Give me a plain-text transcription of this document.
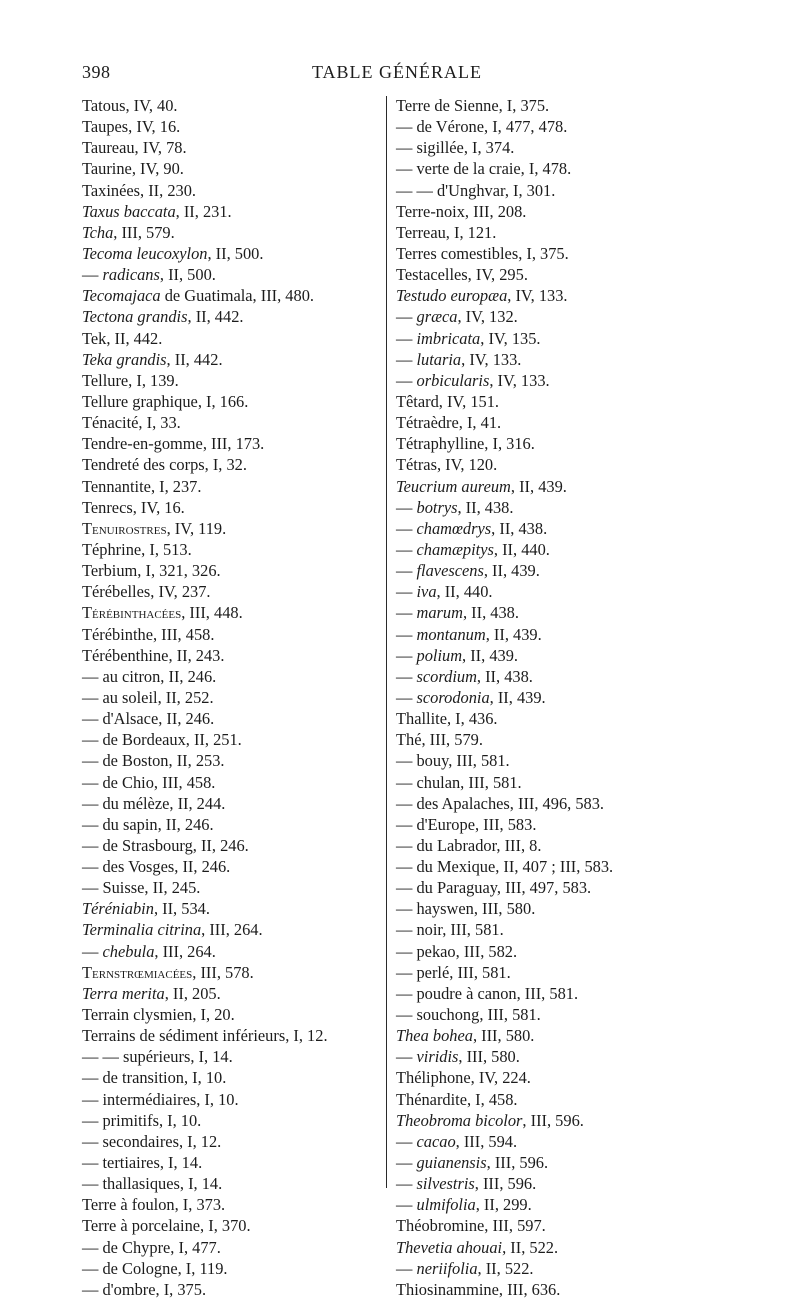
398	TABLE GÉNÉRALE
Tatous, IV, 40.
Taupes, IV, 16.
Taureau, IV, 78.
Taurine, IV, 90.
Taxinées, II, 230.
Taxus baccata, II, 231.
Tcha, III, 579.
Tecoma leucoxylon, II, 500.
— radicans, II, 500.
Tecomajaca de Guatimala, III, 480.
Tectona grandis, II, 442.
Tek, II, 442.
Teka grandis, II, 442.
Tellure, I, 139.
Tellure graphique, I, 166.
Ténacité, I, 33.
Tendre-en-gomme, III, 173.
Tendreté des corps, I, 32.
Tennantite, I, 237.
Tenrecs, IV, 16.
Tenuirostres, IV, 119.
Téphrine, I, 513.
Terbium, I, 321, 326.
Térébelles, IV, 237.
Térébinthacées, III, 448.
Térébinthe, III, 458.
Térébenthine, II, 243.
— au citron, II, 246.
— au soleil, II, 252.
— d'Alsace, II, 246.
— de Bordeaux, II, 251.
— de Boston, II, 253.
— de Chio, III, 458.
— du mélèze, II, 244.
— du sapin, II, 246.
— de Strasbourg, II, 246.
— des Vosges, II, 246.
— Suisse, II, 245.
Téréniabin, II, 534.
Terminalia citrina, III, 264.
— chebula, III, 264.
Ternstrœmiacées, III, 578.
Terra merita, II, 205.
Terrain clysmien, I, 20.
Terrains de sédiment inférieurs, I, 12.
— — supérieurs, I, 14.
— de transition, I, 10.
— intermédiaires, I, 10.
— primitifs, I, 10.
— secondaires, I, 12.
— tertiaires, I, 14.
— thallasiques, I, 14.
Terre à foulon, I, 373.
Terre à porcelaine, I, 370.
— de Chypre, I, 477.
— de Cologne, I, 119.
— d'ombre, I, 375.
Terre de Sienne, I, 375.
— de Vérone, I, 477, 478.
— sigillée, I, 374.
— verte de la craie, I, 478.
— — d'Unghvar, I, 301.
Terre-noix, III, 208.
Terreau, I, 121.
Terres comestibles, I, 375.
Testacelles, IV, 295.
Testudo europæa, IV, 133.
— græca, IV, 132.
— imbricata, IV, 135.
— lutaria, IV, 133.
— orbicularis, IV, 133.
Têtard, IV, 151.
Tétraèdre, I, 41.
Tétraphylline, I, 316.
Tétras, IV, 120.
Teucrium aureum, II, 439.
— botrys, II, 438.
— chamœdrys, II, 438.
— chamæpitys, II, 440.
— flavescens, II, 439.
— iva, II, 440.
— marum, II, 438.
— montanum, II, 439.
— polium, II, 439.
— scordium, II, 438.
— scorodonia, II, 439.
Thallite, I, 436.
Thé, III, 579.
— bouy, III, 581.
— chulan, III, 581.
— des Apalaches, III, 496, 583.
— d'Europe, III, 583.
— du Labrador, III, 8.
— du Mexique, II, 407 ; III, 583.
— du Paraguay, III, 497, 583.
— hayswen, III, 580.
— noir, III, 581.
— pekao, III, 582.
— perlé, III, 581.
— poudre à canon, III, 581.
— souchong, III, 581.
Thea bohea, III, 580.
— viridis, III, 580.
Théliphone, IV, 224.
Thénardite, I, 458.
Theobroma bicolor, III, 596.
— cacao, III, 594.
— guianensis, III, 596.
— silvestris, III, 596.
— ulmifolia, II, 299.
Théobromine, III, 597.
Thevetia ahouai, II, 522.
— neriifolia, II, 522.
Thiosinammine, III, 636.
